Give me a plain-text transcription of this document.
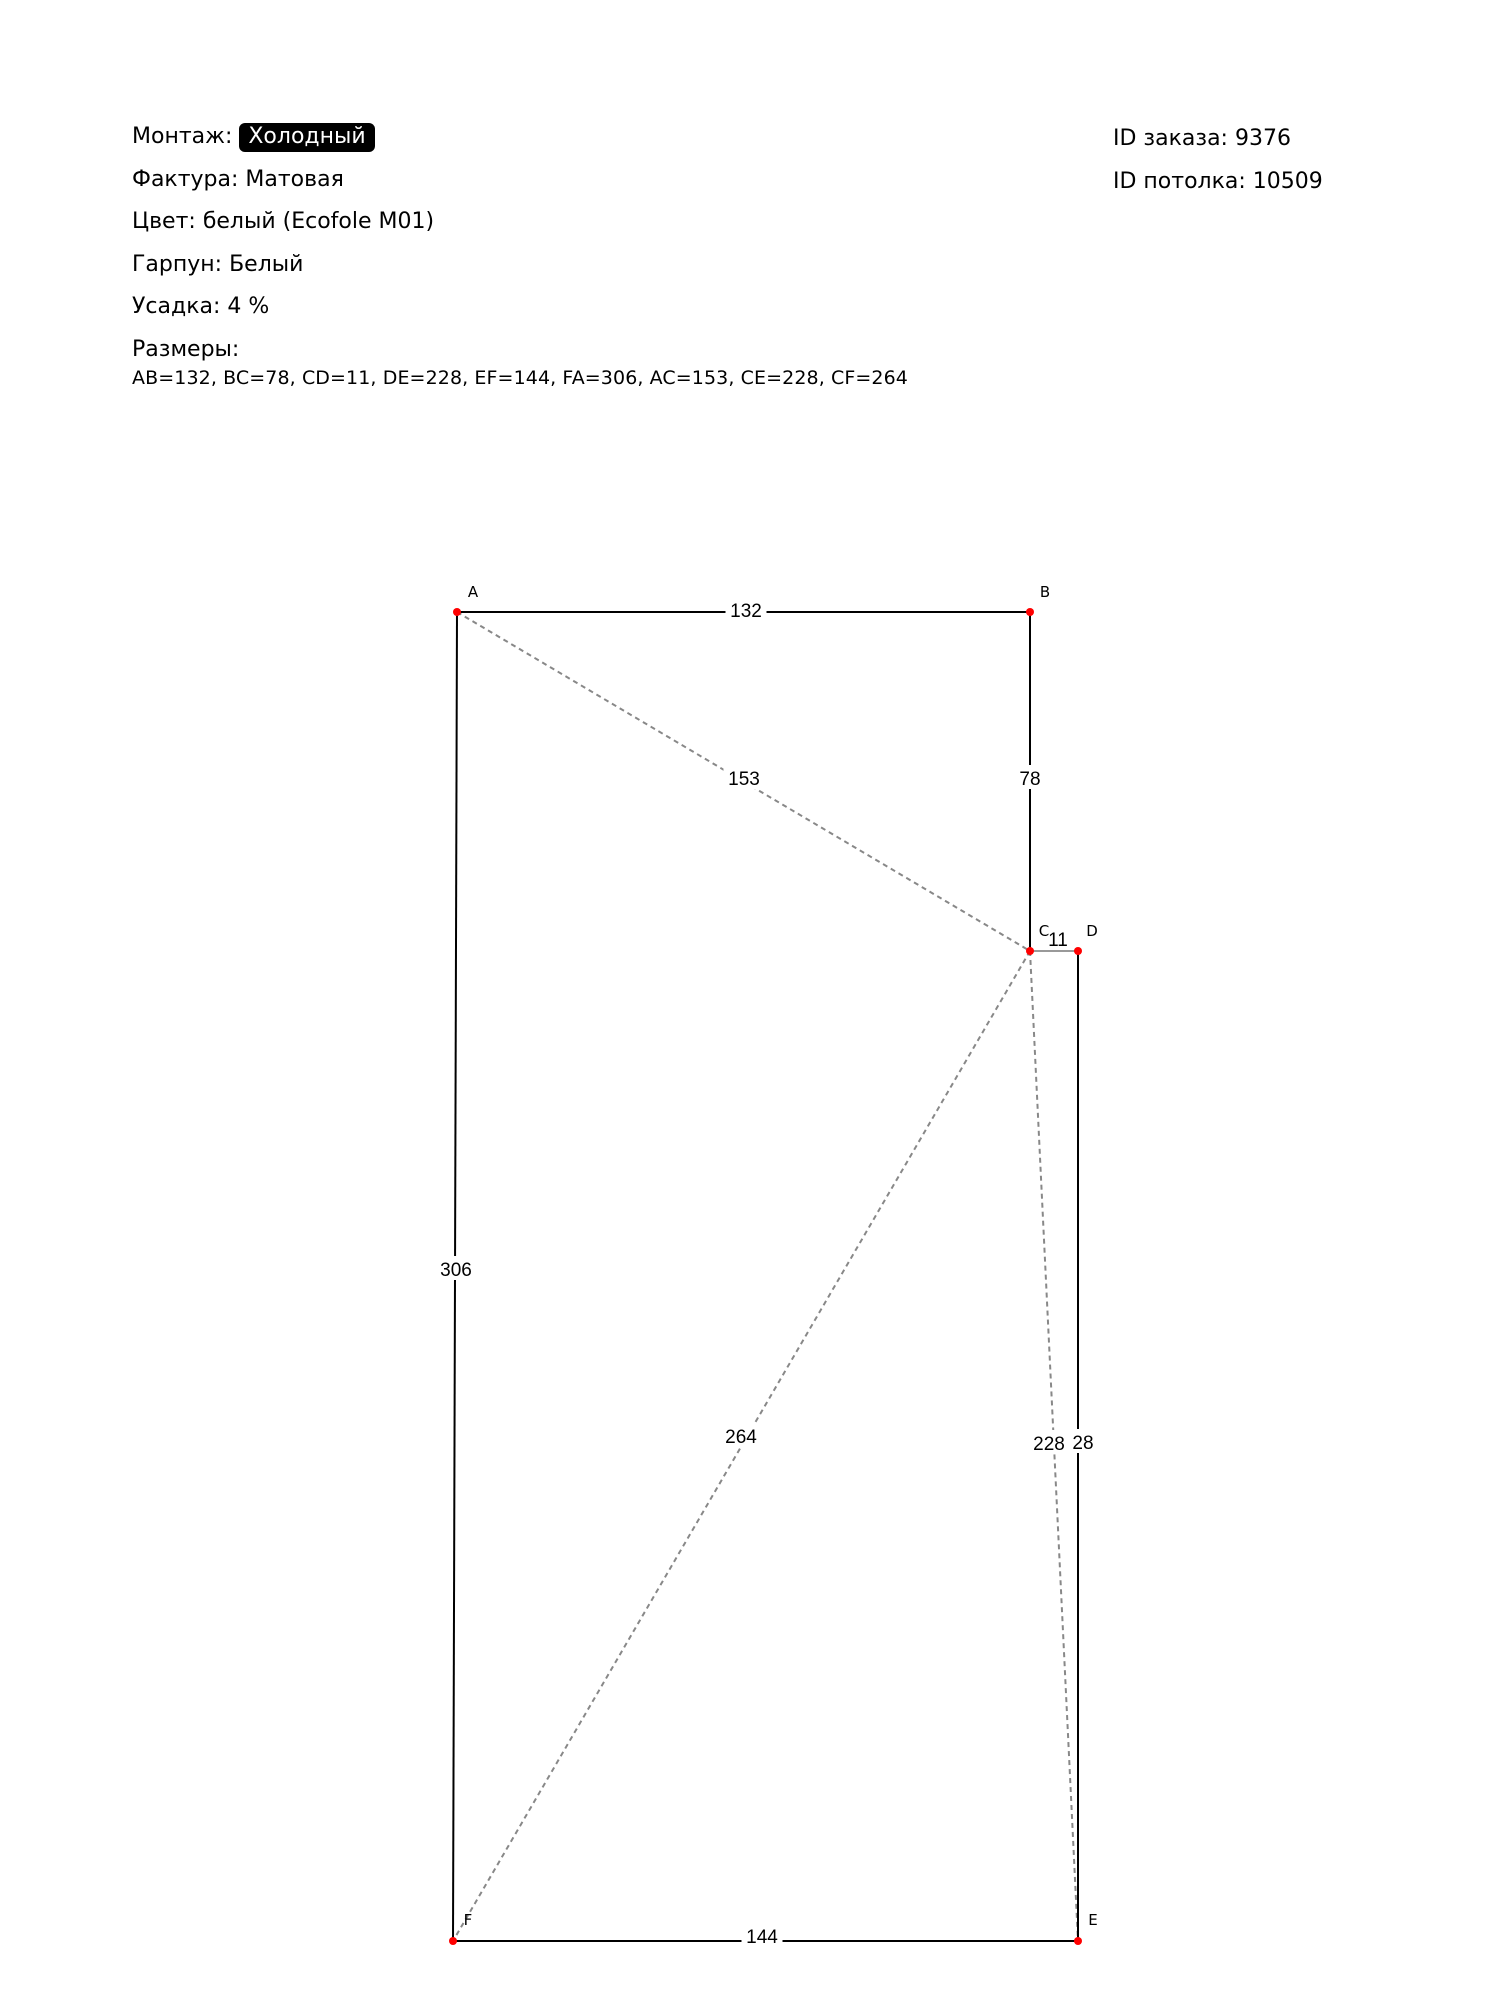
Монтаж: Холодный
Фактура: Матовая
Цвет: белый (Ecofole M01)
Гарпун: Белый
Усадка: 4 %
Размеры:
AB=132, BC=78, CD=11, DE=228, EF=144, FA=306, AC=153, CE=228, CF=264
ID заказа: 9376
ID потолка: 10509
153
228
264
132
78
11
28
144
306
A	B
C D
E
F
